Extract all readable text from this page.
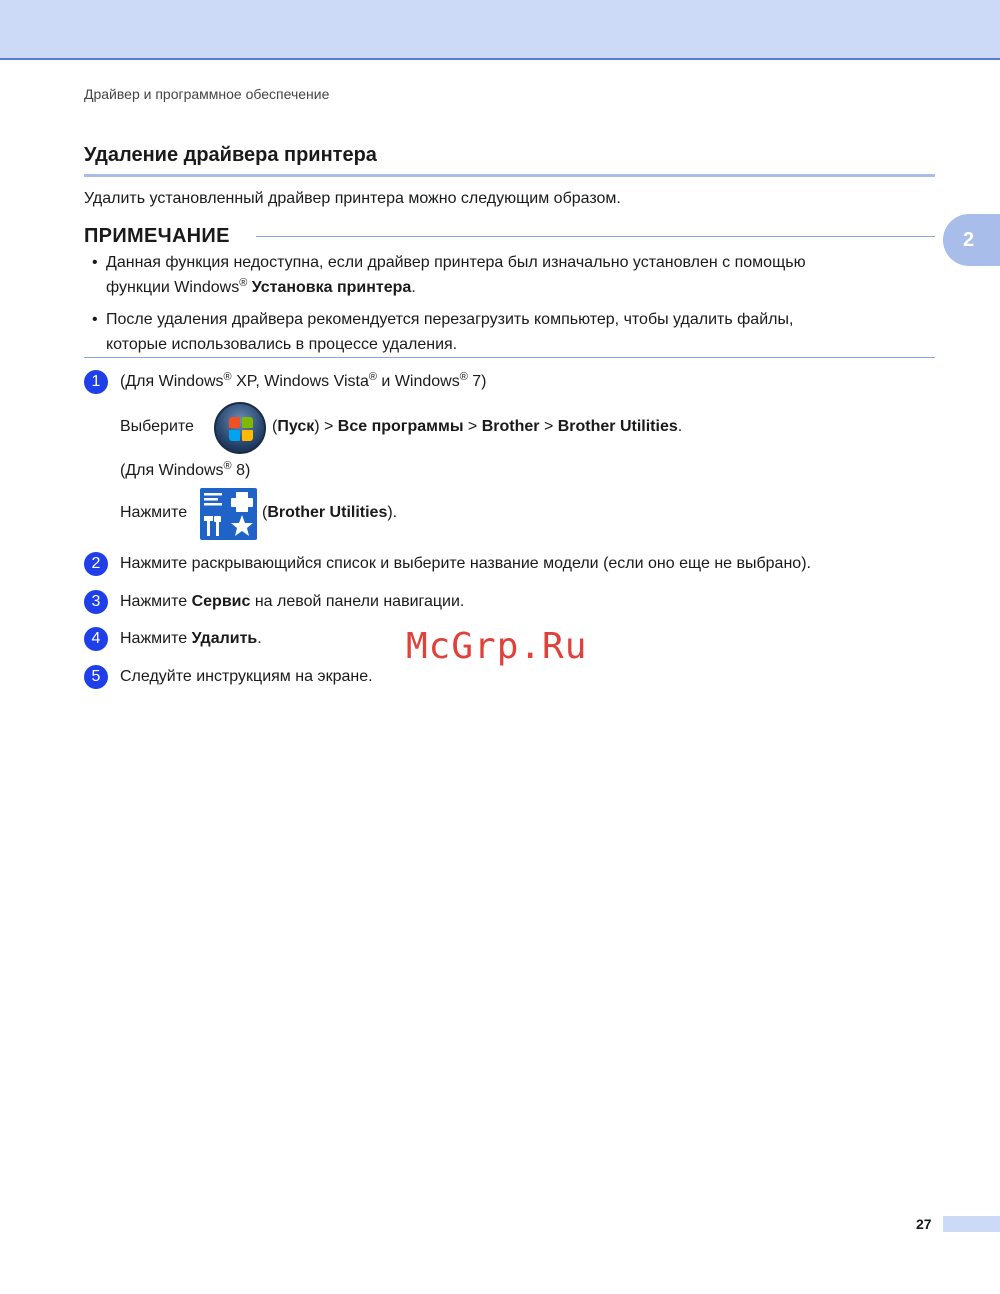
Драйвер и программное обеспечение
2
Удаление драйвера принтера
Удалить установленный драйвер принтера можно следующим образом.
ПРИМЕЧАНИЕ
• Данная функция недоступна, если драйвер принтера был изначально установлен с помощью
функции Windows® Установка принтера.
• После удаления драйвера рекомендуется перезагрузить компьютер, чтобы удалить файлы,
которые использовались в процессе удаления.
1	(Для Windows® XP, Windows Vista® и Windows® 7)
Выберите	(Пуск) > Все программы > Brother > Brother Utilities.
(Для Windows® 8)
Нажмите	(Brother Utilities).
2	Нажмите раскрывающийся список и выберите название модели (если оно еще не выбрано).
3	Нажмите Сервис на левой панели навигации.
4	Нажмите Удалить.
5	Следуйте инструкциям на экране.
McGrp.Ru
27
